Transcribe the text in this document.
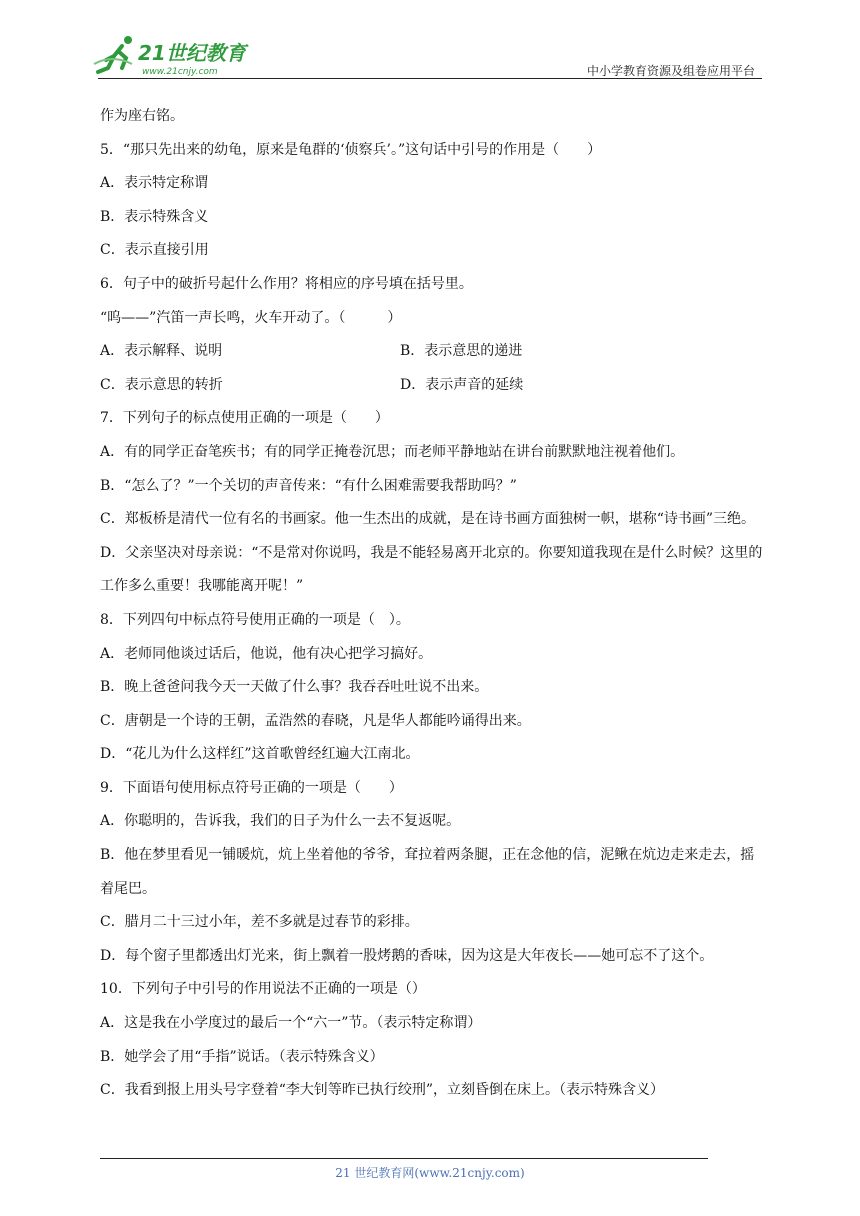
21世纪教育
www.21cnjy.com	中小学教育资源及组卷应用平台
作为座右铭。
5．“那只先出来的幼龟，原来是龟群的‘侦察兵’。”这句话中引号的作用是（　　）
A．表示特定称谓
B．表示特殊含义
C．表示直接引用
6．句子中的破折号起什么作用？将相应的序号填在括号里。
“呜——”汽笛一声长鸣，火车开动了。（　　　）
A．表示解释、说明	B．表示意思的递进
C．表示意思的转折	D．表示声音的延续
7．下列句子的标点使用正确的一项是（　　）
A．有的同学正奋笔疾书；有的同学正掩卷沉思；而老师平静地站在讲台前默默地注视着他们。
B．“怎么了？”一个关切的声音传来：“有什么困难需要我帮助吗？”
C．郑板桥是清代一位有名的书画家。他一生杰出的成就，是在诗书画方面独树一帜，堪称“诗书画”三绝。
D．父亲坚决对母亲说：“不是常对你说吗，我是不能轻易离开北京的。你要知道我现在是什么时候？这里的工作多么重要！我哪能离开呢！”
8．下列四句中标点符号使用正确的一项是（　）。
A．老师同他谈过话后，他说，他有决心把学习搞好。
B．晚上爸爸问我今天一天做了什么事？我吞吞吐吐说不出来。
C．唐朝是一个诗的王朝，孟浩然的春晓，凡是华人都能吟诵得出来。
D．“花儿为什么这样红”这首歌曾经红遍大江南北。
9．下面语句使用标点符号正确的一项是（　　）
A．你聪明的，告诉我，我们的日子为什么一去不复返呢。
B．他在梦里看见一铺暖炕，炕上坐着他的爷爷，耷拉着两条腿，正在念他的信，泥鳅在炕边走来走去，摇着尾巴。
C．腊月二十三过小年，差不多就是过春节的彩排。
D．每个窗子里都透出灯光来，街上飘着一股烤鹅的香味，因为这是大年夜长——她可忘不了这个。
10．下列句子中引号的作用说法不正确的一项是（）
A．这是我在小学度过的最后一个“六一”节。（表示特定称谓）
B．她学会了用“手指”说话。（表示特殊含义）
C．我看到报上用头号字登着“李大钊等昨已执行绞刑”，立刻昏倒在床上。（表示特殊含义）
21 世纪教育网(www.21cnjy.com)
